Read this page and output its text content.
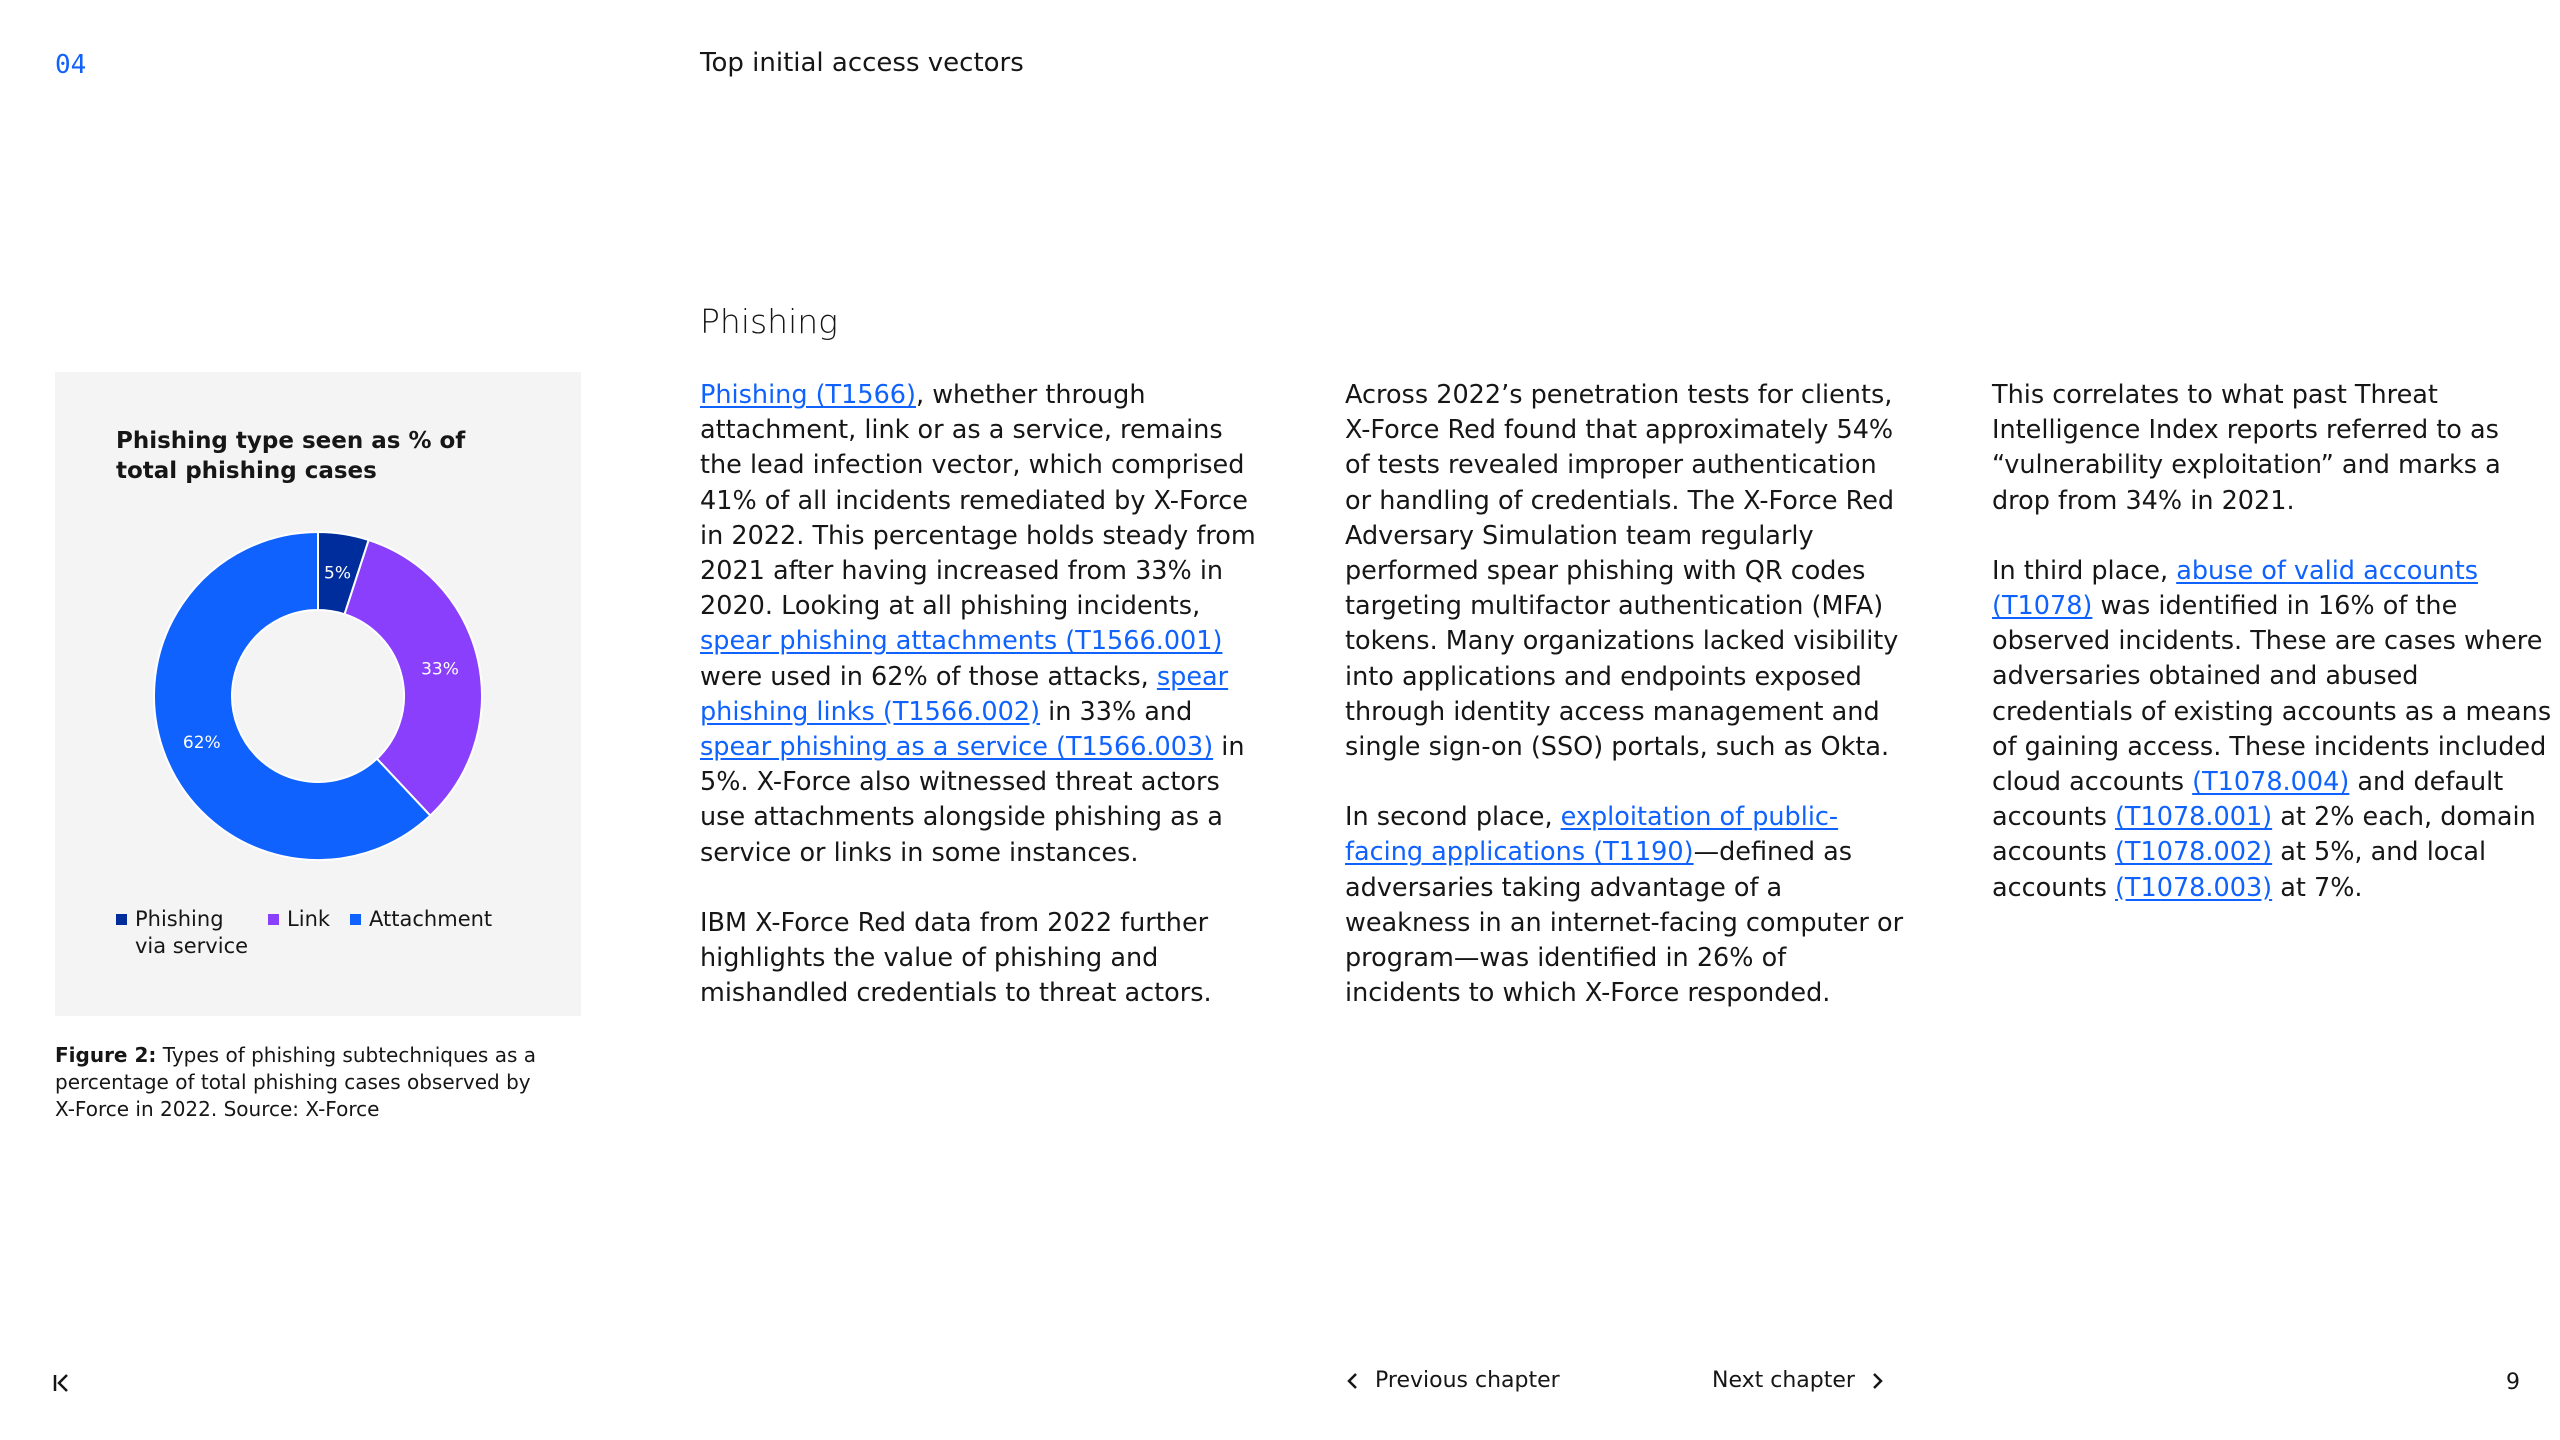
04	Top initial access vectors
Phishing
Phishing type seen as % of total phishing cases
5%
33%
62%
Phishing
via service
Link Attachment
Figure 2: Types of phishing subtechniques as a percentage of total phishing cases observed by X-Force in 2022. Source: X-Force

Phishing (T1566), whether through attachment, link or as a service, remains the lead infection vector, which comprised 41% of all incidents remediated by X-Force in 2022. This percentage holds steady from 2021 after having increased from 33% in 2020. Looking at all phishing incidents, spear phishing attachments (T1566.001) were used in 62% of those attacks, spear phishing links (T1566.002) in 33% and spear phishing as a service (T1566.003) in 5%. X-Force also witnessed threat actors use attachments alongside phishing as a service or links in some instances.

IBM X-Force Red data from 2022 further highlights the value of phishing and mishandled credentials to threat actors.

Across 2022’s penetration tests for clients, X-Force Red found that approximately 54% of tests revealed improper authentication or handling of credentials. The X-Force Red Adversary Simulation team regularly performed spear phishing with QR codes targeting multifactor authentication (MFA) tokens. Many organizations lacked visibility into applications and endpoints exposed through identity access management and single sign-on (SSO) portals, such as Okta.

In second place, exploitation of public-facing applications (T1190)—defined as adversaries taking advantage of a weakness in an internet-facing computer or program—was identified in 26% of incidents to which X-Force responded.

This correlates to what past Threat Intelligence Index reports referred to as “vulnerability exploitation” and marks a drop from 34% in 2021.

In third place, abuse of valid accounts (T1078) was identified in 16% of the observed incidents. These are cases where adversaries obtained and abused credentials of existing accounts as a means of gaining access. These incidents included cloud accounts (T1078.004) and default accounts (T1078.001) at 2% each, domain accounts (T1078.002) at 5%, and local accounts (T1078.003) at 7%.

Previous chapter	Next chapter	9
